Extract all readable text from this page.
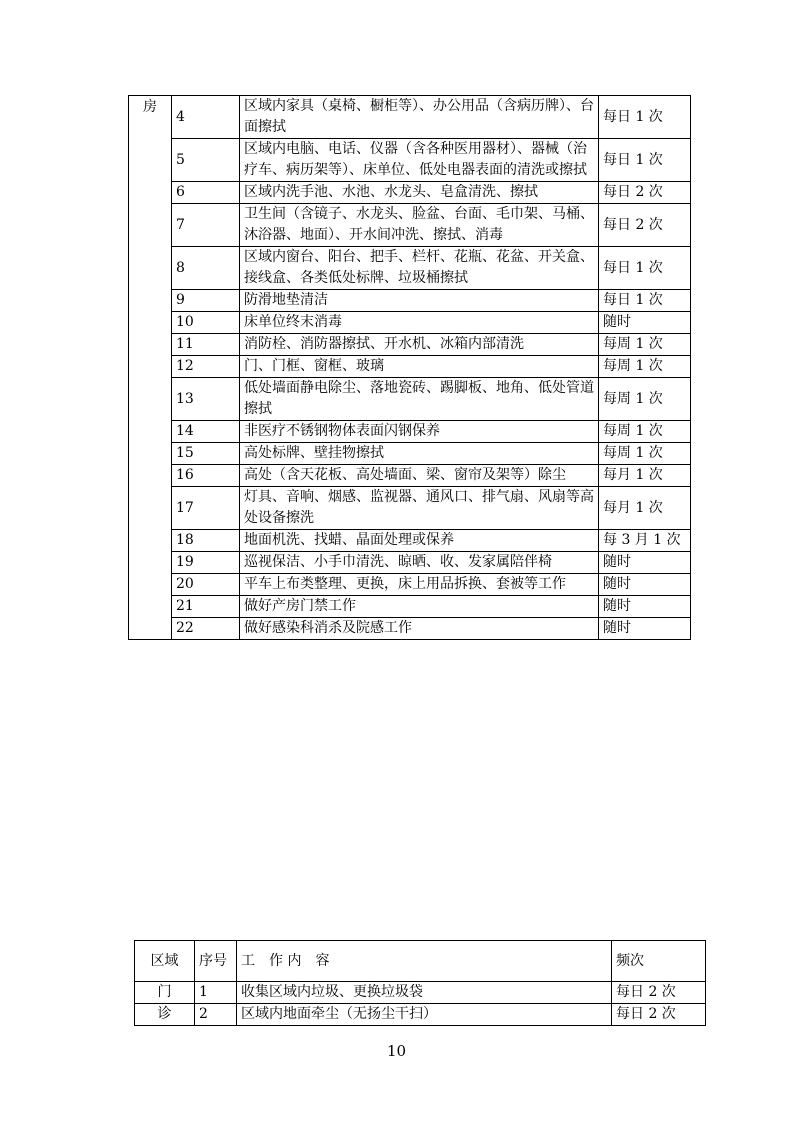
房	4	区域内家具（桌椅、橱柜等）、办公用品（含病历牌）、台面擦拭	每日 1 次
	5	区域内电脑、电话、仪器（含各种医用器材）、器械（治疗车、病历架等）、床单位、低处电器表面的清洗或擦拭	每日 1 次
	6	区域内洗手池、水池、水龙头、皂盒清洗、擦拭	每日 2 次
	7	卫生间（含镜子、水龙头、脸盆、台面、毛巾架、马桶、沐浴器、地面）、开水间冲洗、擦拭、消毒	每日 2 次
	8	区域内窗台、阳台、把手、栏杆、花瓶、花盆、开关盒、接线盒、各类低处标牌、垃圾桶擦拭	每日 1 次
	9	防滑地垫清洁	每日 1 次
	10	床单位终末消毒	随时
	11	消防栓、消防器擦拭、开水机、冰箱内部清洗	每周 1 次
	12	门、门框、窗框、玻璃	每周 1 次
	13	低处墙面静电除尘、落地瓷砖、踢脚板、地角、低处管道擦拭	每周 1 次
	14	非医疗不锈钢物体表面闪钢保养	每周 1 次
	15	高处标牌、壁挂物擦拭	每周 1 次
	16	高处（含天花板、高处墙面、梁、窗帘及架等）除尘	每月 1 次
	17	灯具、音响、烟感、监视器、通风口、排气扇、风扇等高处设备擦洗	每月 1 次
	18	地面机洗、找蜡、晶面处理或保养	每 3 月 1 次
	19	巡视保洁、小手巾清洗、晾晒、收、发家属陪伴椅	随时
	20	平车上布类整理、更换，床上用品拆换、套被等工作	随时
	21	做好产房门禁工作	随时
	22	做好感染科消杀及院感工作	随时
区域	序号	工　作 内　容	频次
门	1	收集区域内垃圾、更换垃圾袋	每日 2 次
诊	2	区域内地面牵尘（无扬尘干扫）	每日 2 次
10
